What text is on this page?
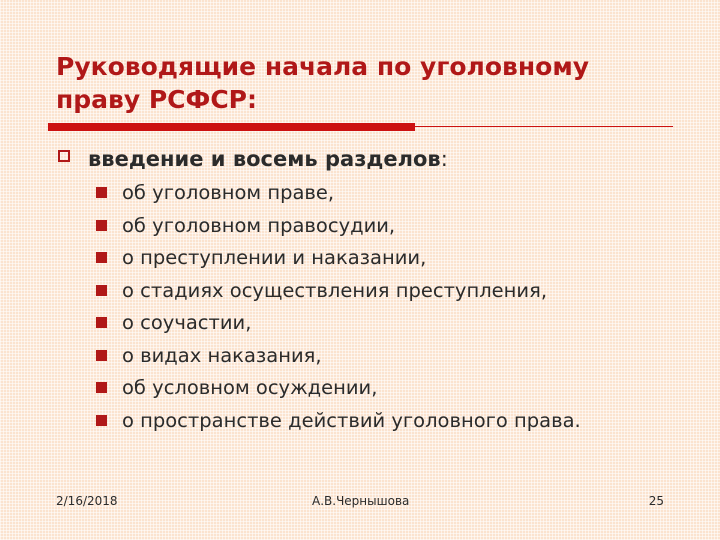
Руководящие начала по уголовному праву РСФСР:
введение и восемь разделов:
об уголовном праве,
об уголовном правосудии,
о преступлении и наказании,
о стадиях осуществления преступления,
о соучастии,
о видах наказания,
об условном осуждении,
о пространстве действий уголовного права.
2/16/2018	А.В.Чернышова	25
